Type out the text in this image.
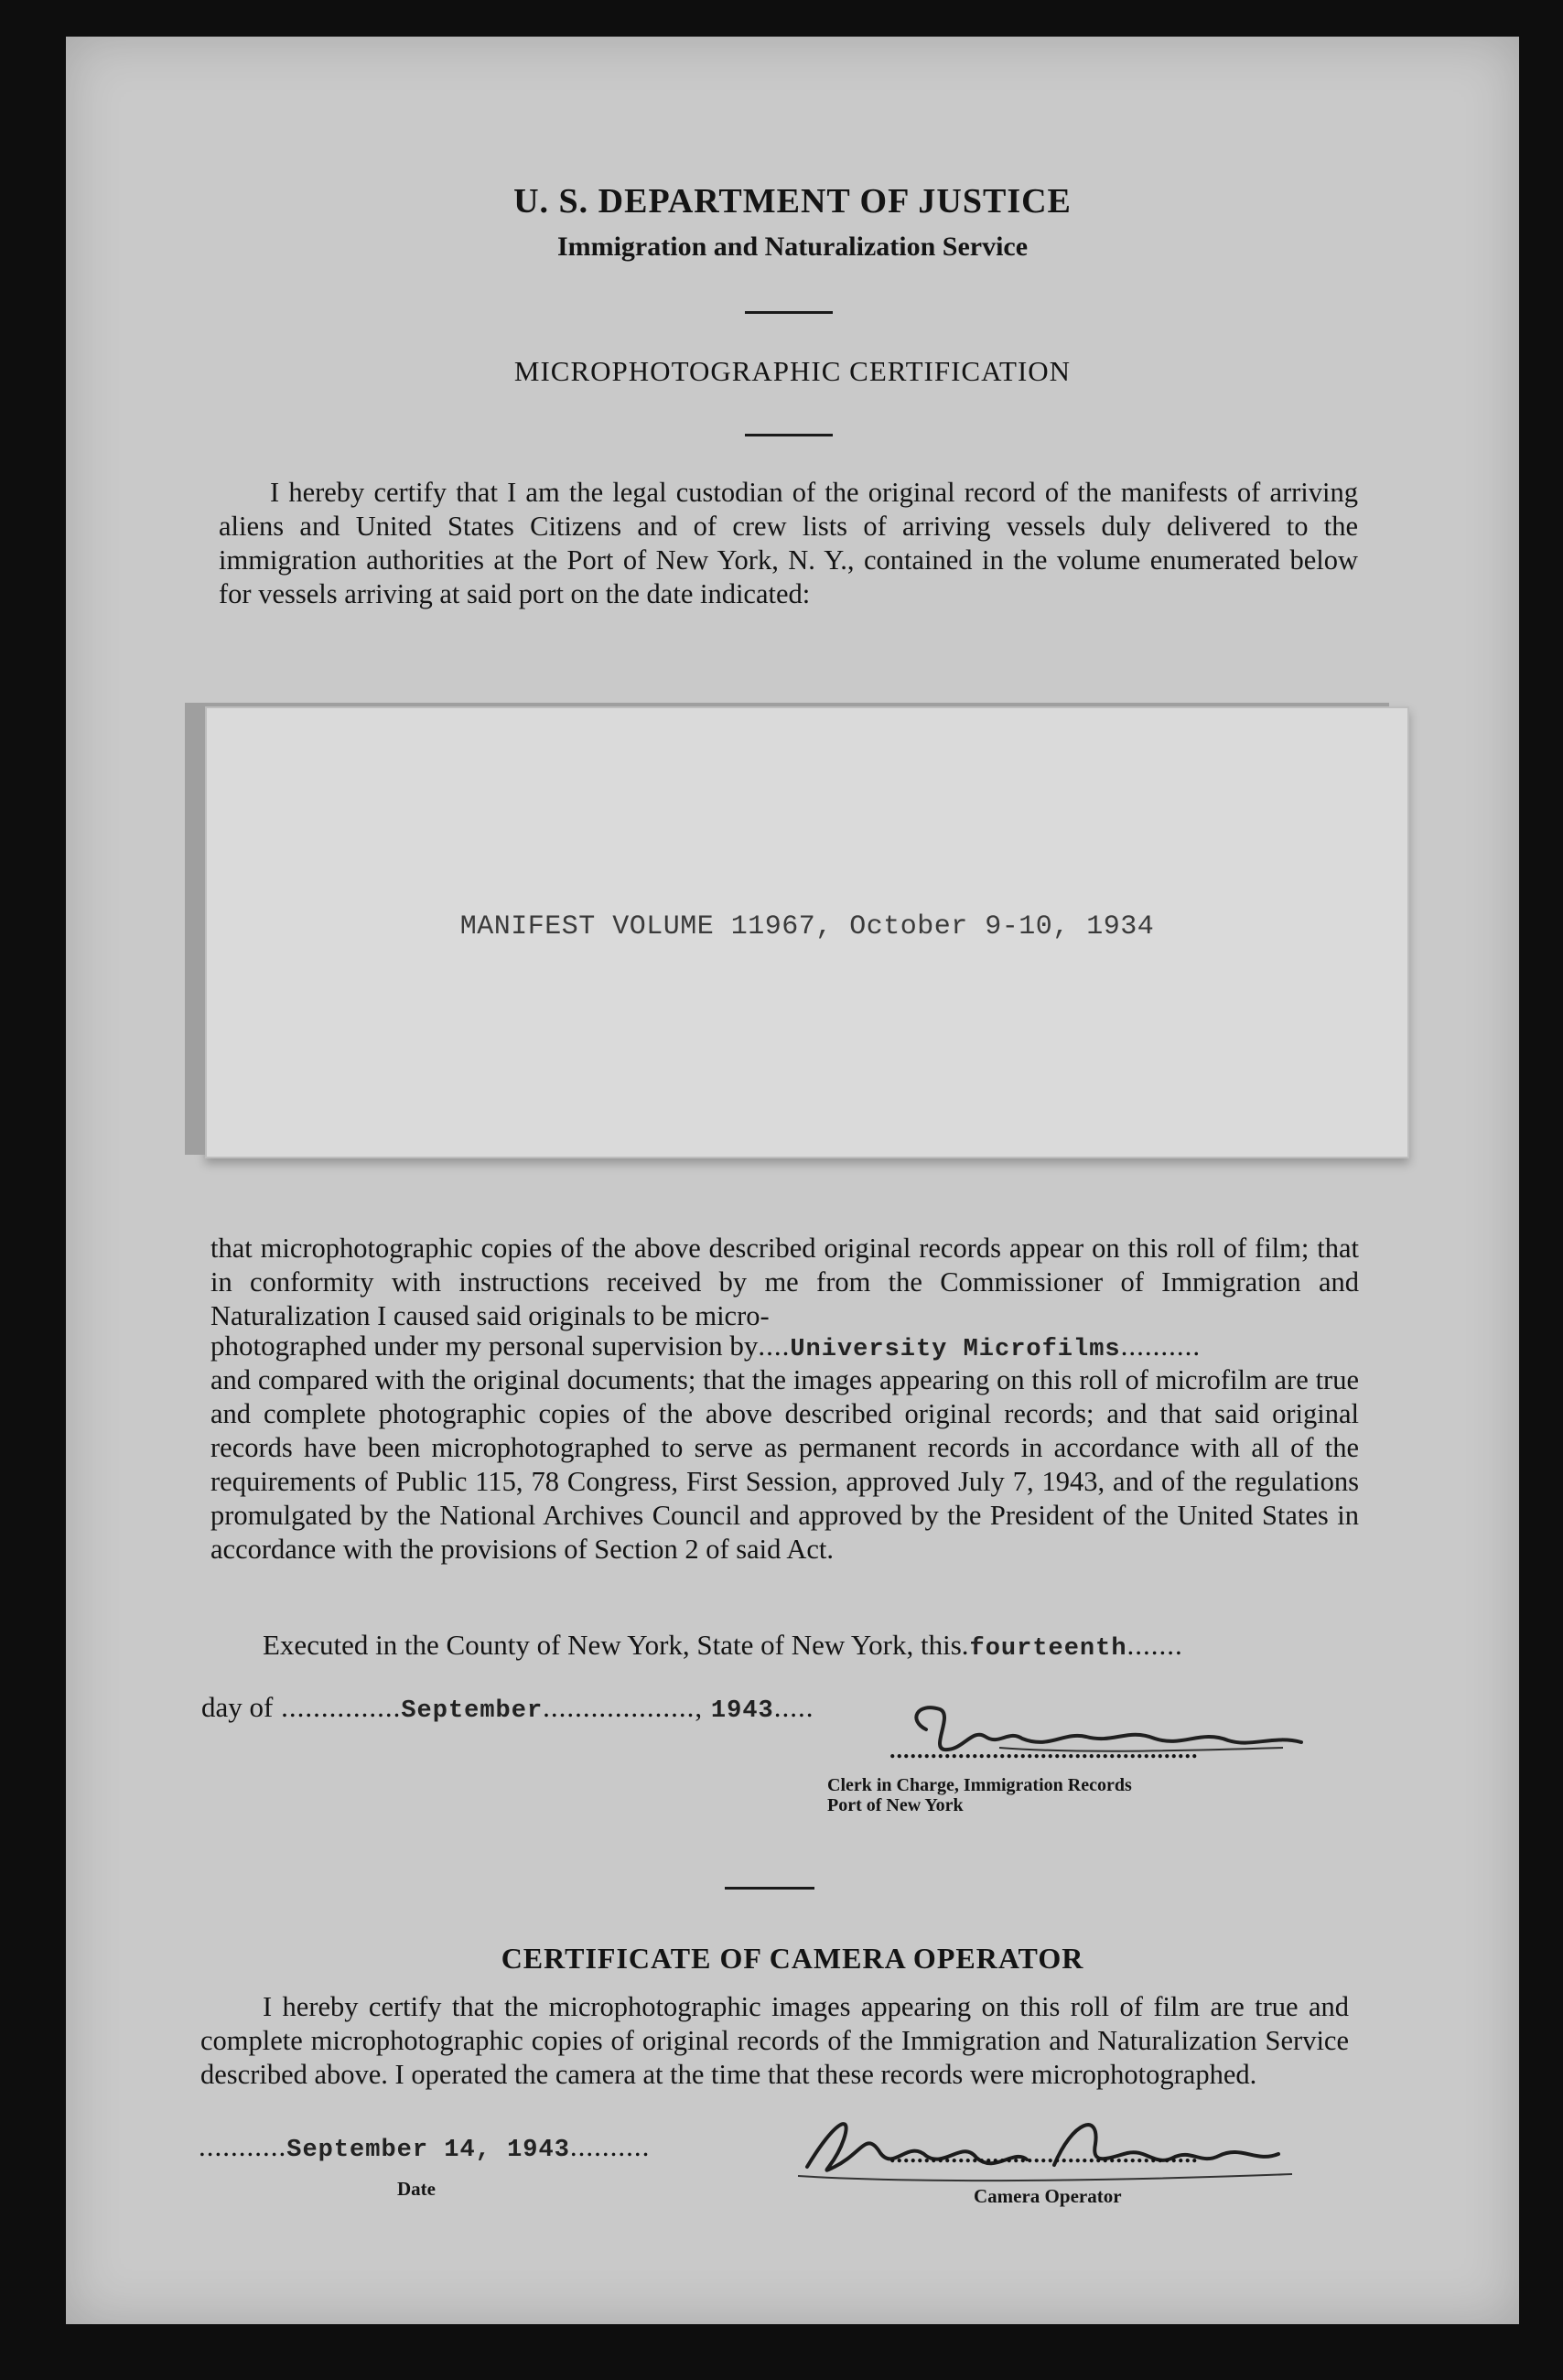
U. S. DEPARTMENT OF JUSTICE
Immigration and Naturalization Service
MICROPHOTOGRAPHIC CERTIFICATION
I hereby certify that I am the legal custodian of the original record of the manifests of arriving aliens and United States Citizens and of crew lists of arriving vessels duly delivered to the immigration authorities at the Port of New York, N. Y., contained in the volume enumerated below for vessels arriving at said port on the date indicated:
MANIFEST VOLUME 11967, October 9-10, 1934
that microphotographic copies of the above described original records appear on this roll of film; that in conformity with instructions received by me from the Commissioner of Immigration and Naturalization I caused said originals to be micro-
photographed under my personal supervision by....University Microfilms..........
and compared with the original documents; that the images appearing on this roll of microfilm are true and complete photographic copies of the above described original records; and that said original records have been microphotographed to serve as permanent records in accordance with all of the requirements of Public 115, 78 Congress, First Session, approved July 7, 1943, and of the regulations promulgated by the National Archives Council and approved by the President of the United States in accordance with the provisions of Section 2 of said Act.
Executed in the County of New York, State of New York, this.fourteenth.......
day of ...............September..................., 1943.....
.............................................
Clerk in Charge, Immigration Records
Port of New York
CERTIFICATE OF CAMERA OPERATOR
I hereby certify that the microphotographic images appearing on this roll of film are true and complete microphotographic copies of original records of the Immigration and Naturalization Service described above. I operated the camera at the time that these records were microphotographed.
...........September 14, 1943..........
Date
.............................................
Camera Operator
